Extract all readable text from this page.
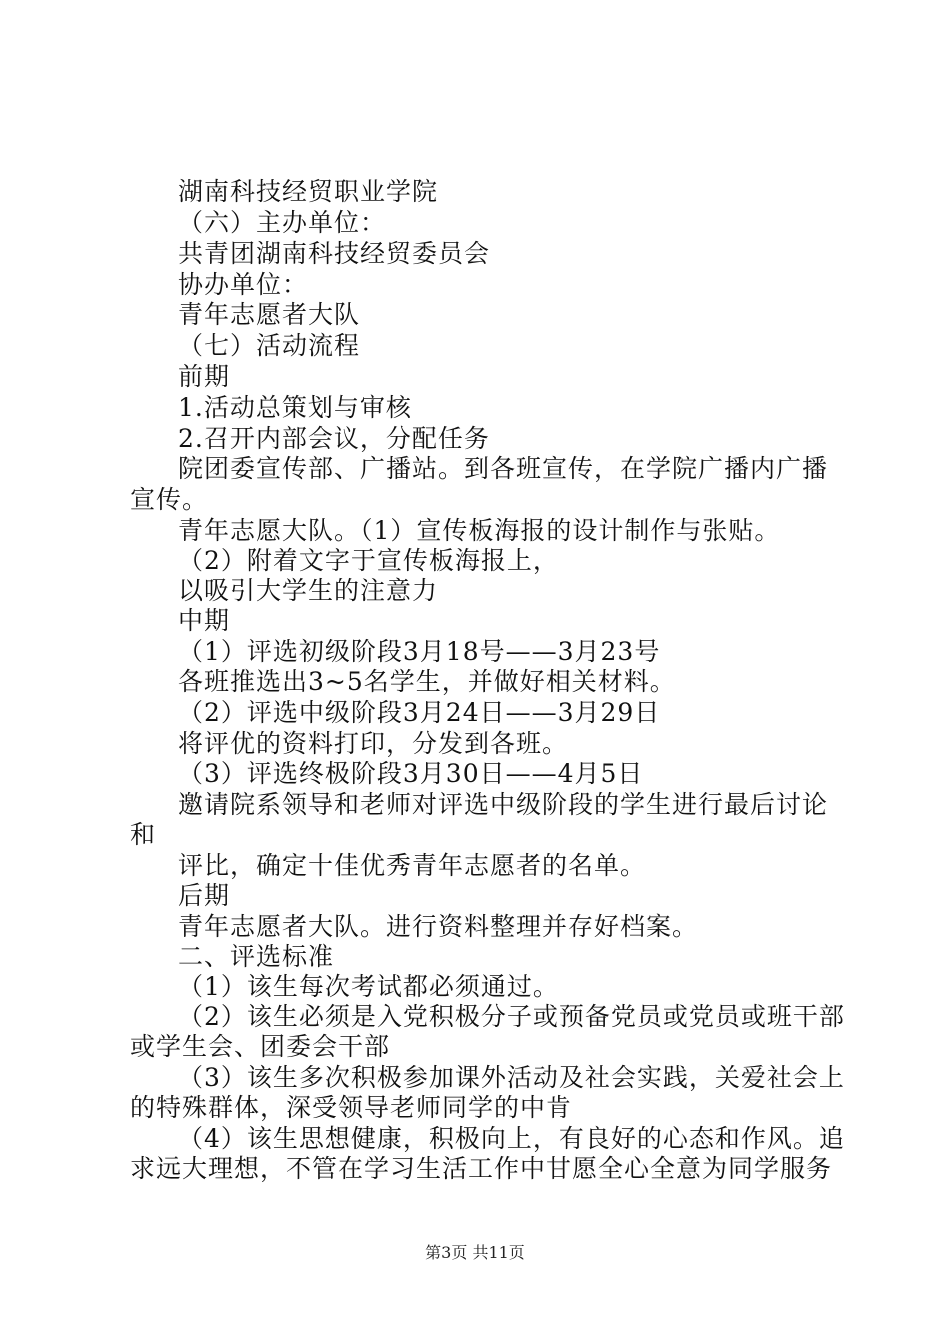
湖南科技经贸职业学院
（六）主办单位：
共青团湖南科技经贸委员会
协办单位：
青年志愿者大队
（七）活动流程
前期
1.活动总策划与审核
2.召开内部会议，分配任务
院团委宣传部、广播站。到各班宣传，在学院广播内广播
宣传。
青年志愿大队。（1）宣传板海报的设计制作与张贴。
（2）附着文字于宣传板海报上，
以吸引大学生的注意力
中期
（1）评选初级阶段3月18号——3月23号
各班推选出3~5名学生，并做好相关材料。
（2）评选中级阶段3月24日——3月29日
将评优的资料打印，分发到各班。
（3）评选终极阶段3月30日——4月5日
邀请院系领导和老师对评选中级阶段的学生进行最后讨论
和
评比，确定十佳优秀青年志愿者的名单。
后期
青年志愿者大队。进行资料整理并存好档案。
二、评选标准
（1）该生每次考试都必须通过。
（2）该生必须是入党积极分子或预备党员或党员或班干部
或学生会、团委会干部
（3）该生多次积极参加课外活动及社会实践，关爱社会上
的特殊群体，深受领导老师同学的中肯
（4）该生思想健康，积极向上，有良好的心态和作风。追
求远大理想，不管在学习生活工作中甘愿全心全意为同学服务
第3页 共11页
